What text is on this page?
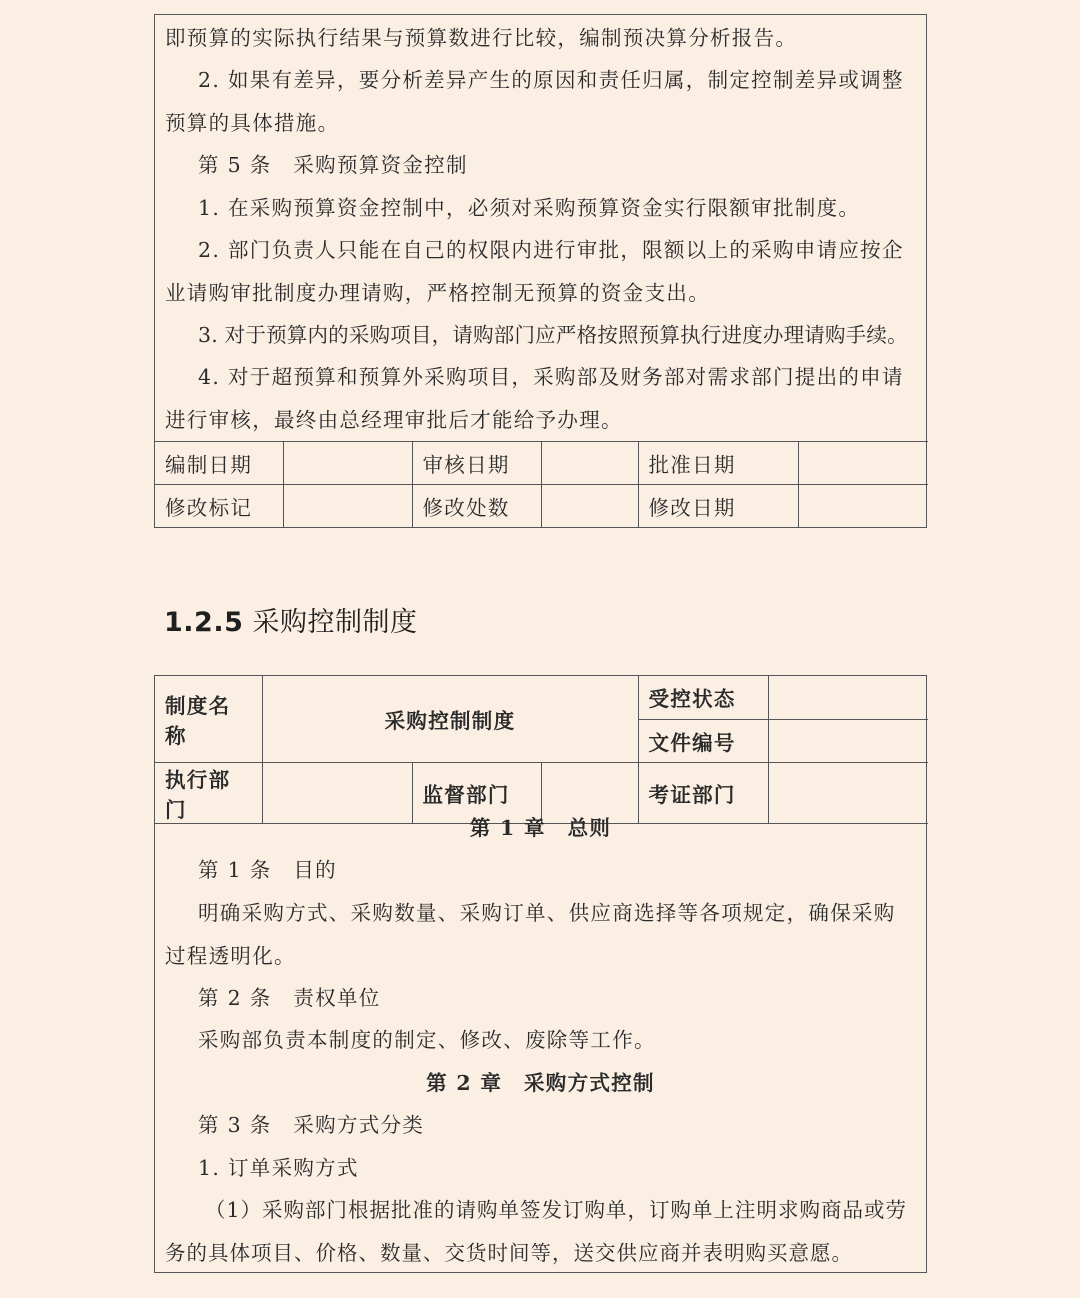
即预算的实际执行结果与预算数进行比较，编制预决算分析报告。
2. 如果有差异，要分析差异产生的原因和责任归属，制定控制差异或调整预算的具体措施。
第 5 条　采购预算资金控制
1. 在采购预算资金控制中，必须对采购预算资金实行限额审批制度。
2. 部门负责人只能在自己的权限内进行审批，限额以上的采购申请应按企业请购审批制度办理请购，严格控制无预算的资金支出。
3. 对于预算内的采购项目，请购部门应严格按照预算执行进度办理请购手续。
4. 对于超预算和预算外采购项目，采购部及财务部对需求部门提出的申请进行审核，最终由总经理审批后才能给予办理。
编制日期		审核日期		批准日期	
修改标记		修改处数		修改日期	
1.2.5 采购控制制度
制度名称	采购控制制度			受控状态	
				文件编号	
执行部门		监督部门		考证部门	
第 1 章　总则
第 1 条　目的
明确采购方式、采购数量、采购订单、供应商选择等各项规定，确保采购过程透明化。
第 2 条　责权单位
采购部负责本制度的制定、修改、废除等工作。
第 2 章　采购方式控制
第 3 条　采购方式分类
1. 订单采购方式
（1）采购部门根据批准的请购单签发订购单，订购单上注明求购商品或劳务的具体项目、价格、数量、交货时间等，送交供应商并表明购买意愿。
